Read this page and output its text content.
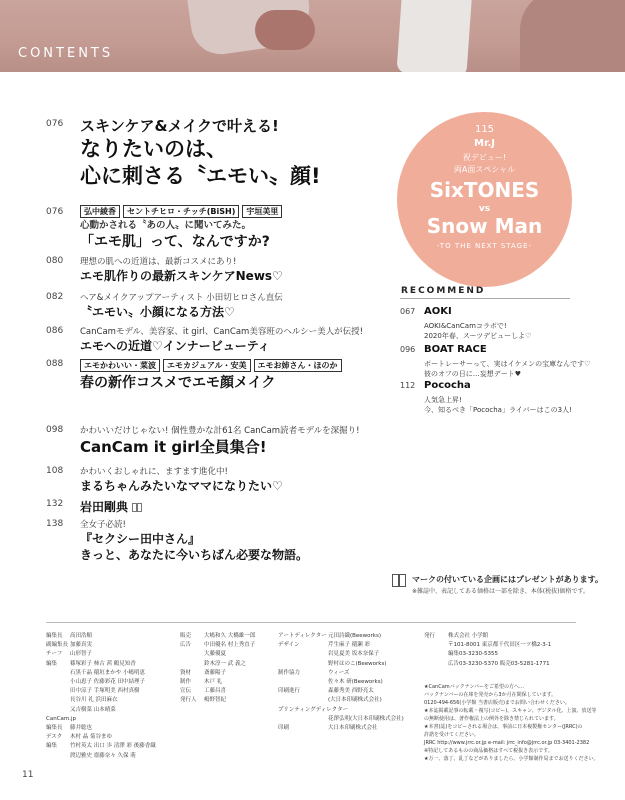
CONTENTS
076	スキンケア&メイクで叶える!
なりたいのは、
心に刺さる〝エモい〟顔!
076	弘中綾香	セントチヒロ・チッチ(BiSH)	宇垣美里
心動かされる〝あの人〟に聞いてみた。
「エモ肌」って、なんですか?
080	理想の肌への近道は、最新コスメにあり!
エモ肌作りの最新スキンケアNews♡
082	ヘア&メイクアップアーティスト 小田切ヒロさん直伝
〝エモい〟小顔になる方法♡
086	CanCamモデル、美容家、it girl、CanCam美容班のヘルシー美人が伝授!
エモへの近道♡インナービューティ
088	エモかわいい・菜波	エモカジュアル・安美	エモお姉さん・ほのか
春の新作コスメでエモ顔メイク
098	かわいいだけじゃない! 個性豊かな計61名 CanCam読者モデルを深掘り!
CanCam it girl全員集合!
108	かわいくおしゃれに、ますます進化中!
まるちゃんみたいなママになりたい♡
132	岩田剛典
138	全女子必読!
『セクシー田中さん』
きっと、あなたに今いちばん必要な物語。
115
Mr.J
祝デビュー!
両A面スペシャル
SixTONES
vs
Snow Man
-TO THE NEXT STAGE-
RECOMMEND
067 AOKI
AOKI&CanCamコラボで!
2020年春、スーツデビューしよ♡
096 BOAT RACE
ボートレーサーって、実はイケメンの宝庫なんです♡
彼のオフの日に…妄想デート♥
112 Pococha
人気急上昇!
今、知るべき「Pococha」ライバーはこの3人!
マークの付いている企画にはプレゼントがあります。
※雑誌中、表記してある価格は一部を除き、本体(税抜)価格です。
編集長	高田浩順
副編集長 加藤真実
チーフ	山形智子
編集	篠塚彩子 柿古 茜 鶴見知香
石黒千晶 稲垣まかや 小嶋明恵
小山恵子 佐藤彩花 田中結理子
田中涼子 手塚明美 西村真樹
長谷川 礼 浜田麻衣
又吉樹菜 山本晴菜
CanCam.jp
編集長	藤井聡也
デスク	木村 晶 菊谷まゆ
編集	竹村英太 出口 歩 清澤 彩 後藤香織
渡辺雅史 齋藤奈々 久保 萌
販売	大嶋和久 大橋雄一郎
広告	中田優名 村上秀直子
大藤優夏
鈴木淳一 武 義之
資材	斎藤陽子
制作	木戸 礼
宣伝	工藤昌喜
発行人	嶋野智紀
アートディレクター 元田詩織(Beeworks)
デザイン	芹生麻子 稲瀬 彩
岩見夏美 坂本奈保子
野村はのこ(Beeworks)
制作協力	ウィーズ
佐々木 研(Beeworks)
印刷進行	森藤秀美 西野亮太
(大日本印刷株式会社)
プリンティングディレクター
花澤弘明(大日本印刷株式会社)
印刷	大日本印刷株式会社
発行	株式会社 小学館
〒101-8001 東京都千代田区一ツ橋2-3-1
編集03-3230-5355
広告03-3230-5370 販売03-5281-1771
★CanCamバックナンバーをご希望の方へ…
バックナンバーの在庫を発売から3か月在間保しています。
0120-494-656(小学館 当書店販売)までお問い合わせください。
★本誌掲載記事の転載・複写(コピー)、スキャン、デジタル化、上演、放送等
の無断使用は、著作権法上の例外を除き禁じられています。
★本書(誌)をコピーされる場合は、事前に日本複製権センター(JRRC)の
許諾を受けてください。
JRRC http://www.jrrc.or.jp e-mail: jrrc_info@jrrc.or.jp 03-3401-2382
※特記してあるものの商品価格はすべて税抜き表示です。
★万一、落丁、乱丁などがありましたら、小学館制作局までお送りください。
11
